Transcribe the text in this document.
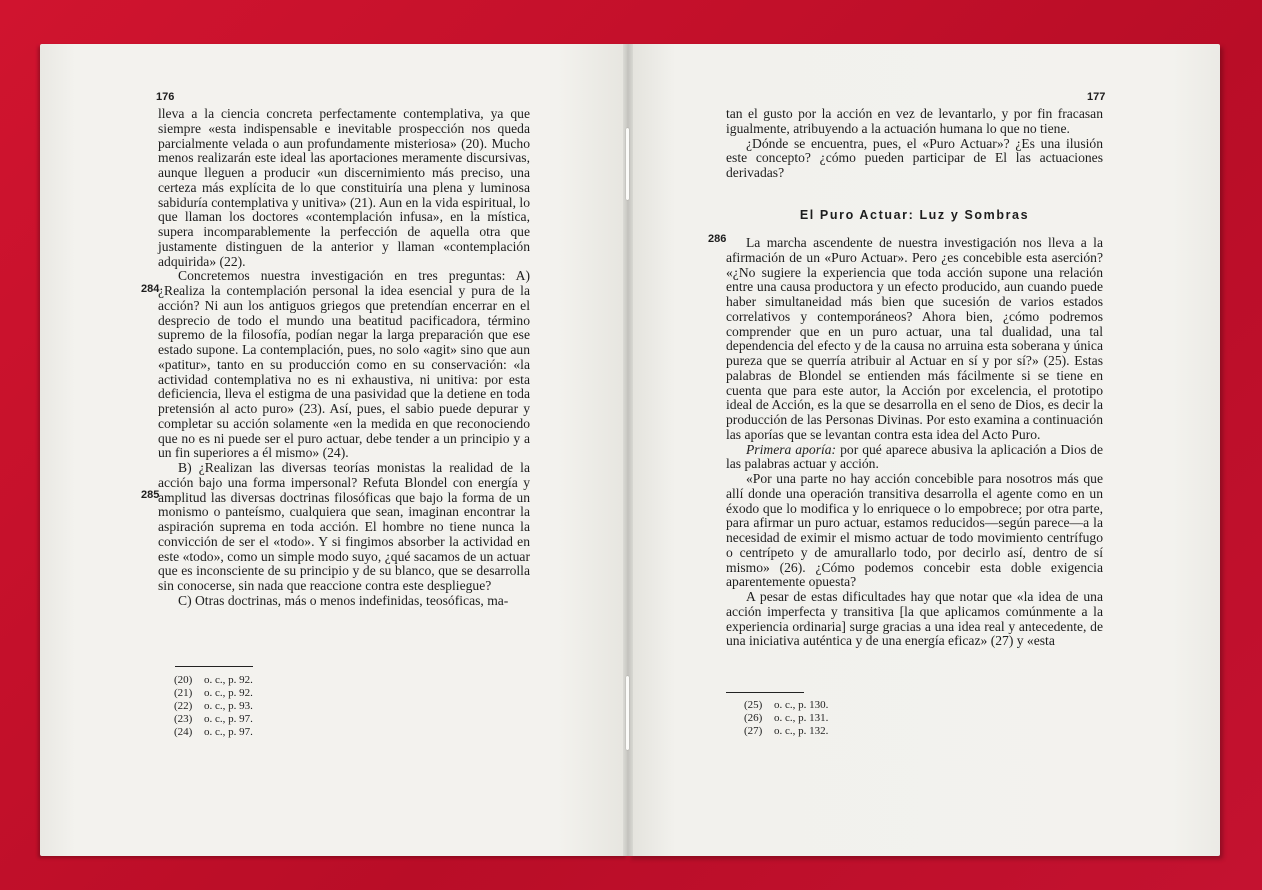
176

lleva a la ciencia concreta perfectamente contemplativa, ya que siempre «esta indispensable e inevitable prospección nos queda parcialmente velada o aun profundamente misteriosa» (20). Mucho menos realizarán este ideal las aportaciones meramente discursivas, aunque lleguen a producir «un discernimiento más preciso, una certeza más explícita de lo que constituiría una plena y luminosa sabiduría contemplativa y unitiva» (21). Aun en la vida espiritual, lo que llaman los doctores «contemplación infusa», en la mística, supera incomparablemente la perfección de aquella otra que justamente distinguen de la anterior y llaman «contemplación adquirida» (22).

Concretemos nuestra investigación en tres preguntas: A) ¿Realiza la contemplación personal la idea esencial y pura de la acción? Ni aun los antiguos griegos que pretendían encerrar en el desprecio de todo el mundo una beatitud pacificadora, término supremo de la filosofía, podían negar la larga preparación que ese estado supone. La contemplación, pues, no solo «agit» sino que aun «patitur», tanto en su producción como en su conservación: «la actividad contemplativa no es ni exhaustiva, ni unitiva: por esta deficiencia, lleva el estigma de una pasividad que la detiene en toda pretensión al acto puro» (23). Así, pues, el sabio puede depurar y completar su acción solamente «en la medida en que reconociendo que no es ni puede ser el puro actuar, debe tender a un principio y a un fin superiores a él mismo» (24).

B) ¿Realizan las diversas teorías monistas la realidad de la acción bajo una forma impersonal? Refuta Blondel con energía y amplitud las diversas doctrinas filosóficas que bajo la forma de un monismo o panteísmo, cualquiera que sean, imaginan encontrar la aspiración suprema en toda acción. El hombre no tiene nunca la convicción de ser el «todo». Y si fingimos absorber la actividad en este «todo», como un simple modo suyo, ¿qué sacamos de un actuar que es inconsciente de su principio y de su blanco, que se desarrolla sin conocerse, sin nada que reaccione contra este despliegue?

C) Otras doctrinas, más o menos indefinidas, teosóficas, ma-

284
285
(20) o. c., p. 92.
(21) o. c., p. 92.
(22) o. c., p. 93.
(23) o. c., p. 97.
(24) o. c., p. 97.
177

tan el gusto por la acción en vez de levantarlo, y por fin fracasan igualmente, atribuyendo a la actuación humana lo que no tiene.

¿Dónde se encuentra, pues, el «Puro Actuar»? ¿Es una ilusión este concepto? ¿cómo pueden participar de El las actuaciones derivadas?

El Puro Actuar: Luz y Sombras
286	La marcha ascendente de nuestra investigación nos lleva a la afirmación de un «Puro Actuar». Pero ¿es concebible esta aserción? «¿No sugiere la experiencia que toda acción supone una relación entre una causa productora y un efecto producido, aun cuando puede haber simultaneidad más bien que sucesión de varios estados correlativos y contemporáneos? Ahora bien, ¿cómo podremos comprender que en un puro actuar, una tal dualidad, una tal dependencia del efecto y de la causa no arruina esta soberana y única pureza que se querría atribuir al Actuar en sí y por sí?» (25). Estas palabras de Blondel se entienden más fácilmente si se tiene en cuenta que para este autor, la Acción por excelencia, el prototipo ideal de Acción, es la que se desarrolla en el seno de Dios, es decir la producción de las Personas Divinas. Por esto examina a continuación las aporías que se levantan contra esta idea del Acto Puro.

Primera aporía: por qué aparece abusiva la aplicación a Dios de las palabras actuar y acción.

«Por una parte no hay acción concebible para nosotros más que allí donde una operación transitiva desarrolla el agente como en un éxodo que lo modifica y lo enriquece o lo empobrece; por otra parte, para afirmar un puro actuar, estamos reducidos—según parece—a la necesidad de eximir el mismo actuar de todo movimiento centrífugo o centrípeto y de amurallarlo todo, por decirlo así, dentro de sí mismo» (26). ¿Cómo podemos concebir esta doble exigencia aparentemente opuesta?

A pesar de estas dificultades hay que notar que «la idea de una acción imperfecta y transitiva [la que aplicamos comúnmente a la experiencia ordinaria] surge gracias a una idea real y antecedente, de una iniciativa auténtica y de una energía eficaz» (27) y «esta

(25) o. c., p. 130.
(26) o. c., p. 131.
(27) o. c., p. 132.
